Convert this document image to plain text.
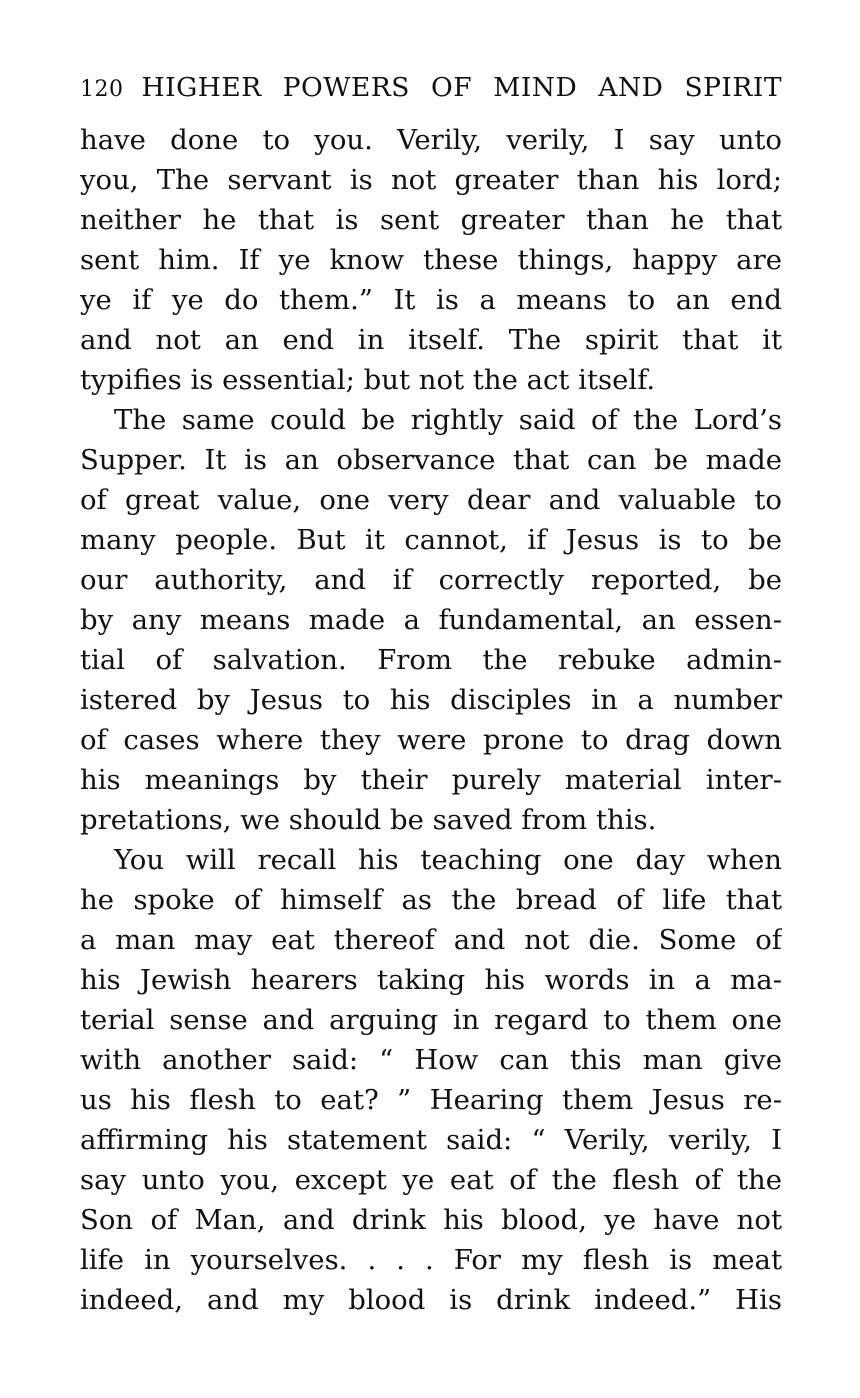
120 HIGHER POWERS OF MIND AND SPIRIT
have done to you. Verily, verily, I say unto
you, The servant is not greater than his lord;
neither he that is sent greater than he that
sent him. If ye know these things, happy are
ye if ye do them.” It is a means to an end
and not an end in itself. The spirit that it
typifies is essential; but not the act itself.
The same could be rightly said of the Lord’s
Supper. It is an observance that can be made
of great value, one very dear and valuable to
many people. But it cannot, if Jesus is to be
our authority, and if correctly reported, be
by any means made a fundamental, an essen-
tial of salvation. From the rebuke admin-
istered by Jesus to his disciples in a number
of cases where they were prone to drag down
his meanings by their purely material inter-
pretations, we should be saved from this.
You will recall his teaching one day when
he spoke of himself as the bread of life that
a man may eat thereof and not die. Some of
his Jewish hearers taking his words in a ma-
terial sense and arguing in regard to them one
with another said: “ How can this man give
us his flesh to eat? ” Hearing them Jesus re-
affirming his statement said: “ Verily, verily, I
say unto you, except ye eat of the flesh of the
Son of Man, and drink his blood, ye have not
life in yourselves. . . . For my flesh is meat
indeed, and my blood is drink indeed.” His
